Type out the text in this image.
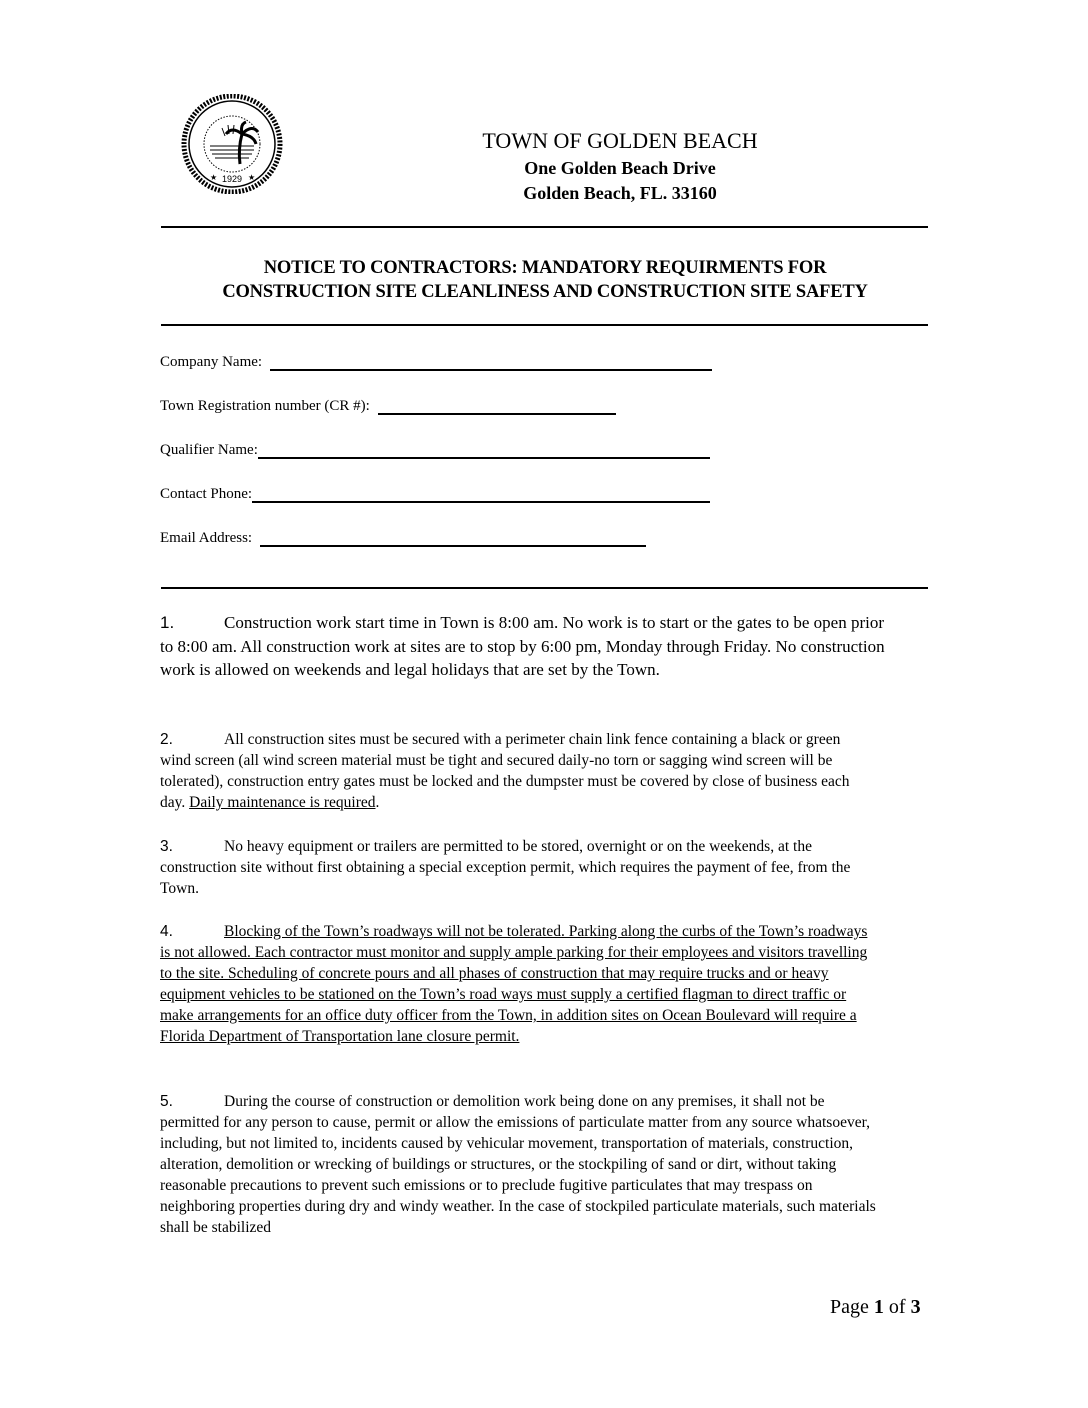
1929
★	★
TOWN OF GOLDEN BEACH
One Golden Beach Drive
Golden Beach, FL. 33160
NOTICE TO CONTRACTORS: MANDATORY REQUIRMENTS FOR
CONSTRUCTION SITE CLEANLINESS AND CONSTRUCTION SITE SAFETY
Company Name:
Town Registration number (CR #):
Qualifier Name:
Contact Phone:
Email Address:
1.	Construction work start time in Town is 8:00 am. No work is to start or the gates to be open prior to 8:00 am. All construction work at sites are to stop by 6:00 pm, Monday through Friday. No construction work is allowed on weekends and legal holidays that are set by the Town.
2.	All construction sites must be secured with a perimeter chain link fence containing a black or green wind screen (all wind screen material must be tight and secured daily-no torn or sagging wind screen will be tolerated), construction entry gates must be locked and the dumpster must be covered by close of business each day. Daily maintenance is required.
3.	No heavy equipment or trailers are permitted to be stored, overnight or on the weekends, at the construction site without first obtaining a special exception permit, which requires the payment of fee, from the Town.
4.	Blocking of the Town’s roadways will not be tolerated. Parking along the curbs of the Town’s roadways is not allowed. Each contractor must monitor and supply ample parking for their employees and visitors travelling to the site. Scheduling of concrete pours and all phases of construction that may require trucks and or heavy equipment vehicles to be stationed on the Town’s road ways must supply a certified flagman to direct traffic or make arrangements for an office duty officer from the Town, in addition sites on Ocean Boulevard will require a Florida Department of Transportation lane closure permit.
5.	During the course of construction or demolition work being done on any premises, it shall not be permitted for any person to cause, permit or allow the emissions of particulate matter from any source whatsoever, including, but not limited to, incidents caused by vehicular movement, transportation of materials, construction, alteration, demolition or wrecking of buildings or structures, or the stockpiling of sand or dirt, without taking reasonable precautions to prevent such emissions or to preclude fugitive particulates that may trespass on neighboring properties during dry and windy weather. In the case of stockpiled particulate materials, such materials shall be stabilized
Page 1 of 3
